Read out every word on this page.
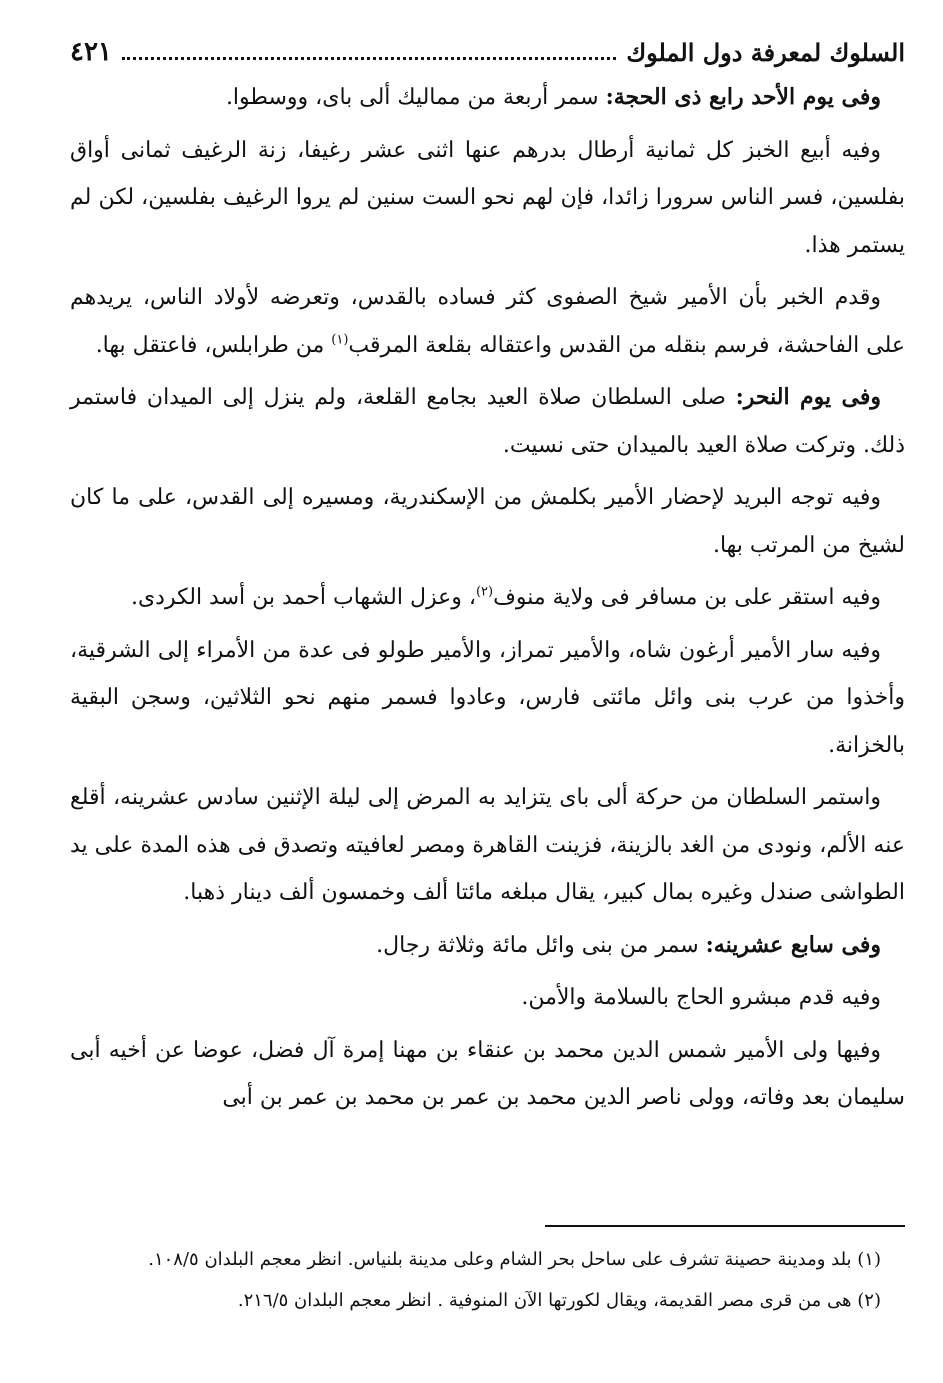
السلوك لمعرفة دول الملوك
٤٢١

وفى يوم الأحد رابع ذى الحجة: سمر أربعة من مماليك ألى باى، ووسطوا.

وفيه أبيع الخبز كل ثمانية أرطال بدرهم عنها اثنى عشر رغيفا، زنة الرغيف ثمانى أواق بفلسين، فسر الناس سرورا زائدا، فإن لهم نحو الست سنين لم يروا الرغيف بفلسين، لكن لم يستمر هذا.

وقدم الخبر بأن الأمير شيخ الصفوى كثر فساده بالقدس، وتعرضه لأولاد الناس، يريدهم على الفاحشة، فرسم بنقله من القدس واعتقاله بقلعة المرقب$^{(١)}$ من طرابلس، فاعتقل بها.

وفى يوم النحر: صلى السلطان صلاة العيد بجامع القلعة، ولم ينزل إلى الميدان فاستمر ذلك. وتركت صلاة العيد بالميدان حتى نسيت.

وفيه توجه البريد لإحضار الأمير بكلمش من الإسكندرية، ومسيره إلى القدس، على ما كان لشيخ من المرتب بها.

وفيه استقر على بن مسافر فى ولاية منوف$^{(٢)}$، وعزل الشهاب أحمد بن أسد الكردى.

وفيه سار الأمير أرغون شاه، والأمير تمراز، والأمير طولو فى عدة من الأمراء إلى الشرقية، وأخذوا من عرب بنى وائل مائتى فارس، وعادوا فسمر منهم نحو الثلاثين، وسجن البقية بالخزانة.

واستمر السلطان من حركة ألى باى يتزايد به المرض إلى ليلة الإثنين سادس عشرينه، أقلع عنه الألم، ونودى من الغد بالزينة، فزينت القاهرة ومصر لعافيته وتصدق فى هذه المدة على يد الطواشى صندل وغيره بمال كبير، يقال مبلغه مائتا ألف وخمسون ألف دينار ذهبا.

وفى سابع عشرينه: سمر من بنى وائل مائة وثلاثة رجال.

وفيه قدم مبشرو الحاج بالسلامة والأمن.

وفيها ولى الأمير شمس الدين محمد بن عنقاء بن مهنا إمرة آل فضل، عوضا عن أخيه أبى سليمان بعد وفاته، وولى ناصر الدين محمد بن عمر بن محمد بن عمر بن أبى

(١) بلد ومدينة حصينة تشرف على ساحل بحر الشام وعلى مدينة بلنياس. انظر معجم البلدان ١٠٨/٥.

(٢) هى من قرى مصر القديمة، ويقال لكورتها الآن المنوفية . انظر معجم البلدان ٢١٦/٥.
